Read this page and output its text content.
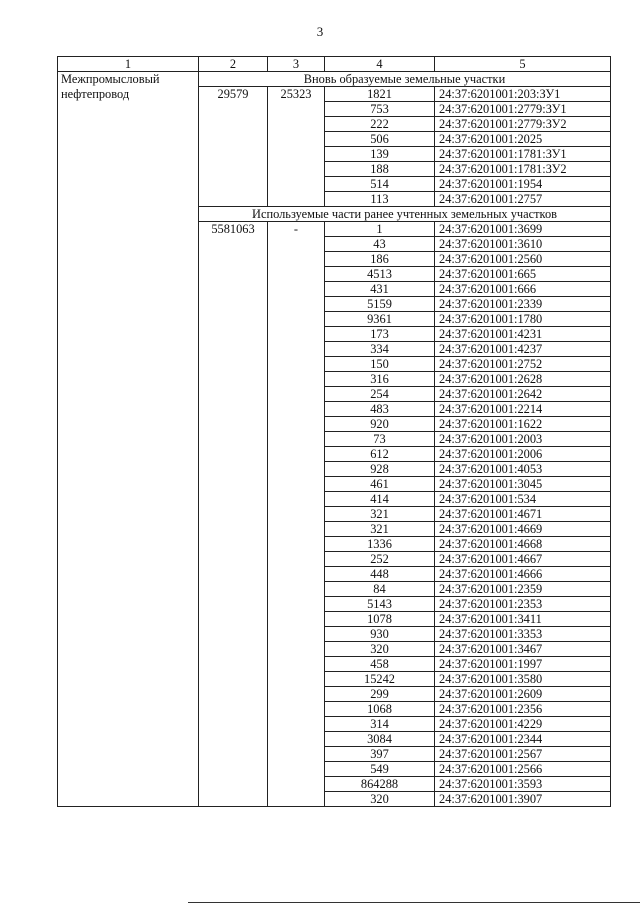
3
1	2	3	4	5
Межпромысловый нефтепровод	Вновь образуемые земельные участки			
	29579	25323	1821	24:37:6201001:203:ЗУ1
			753	24:37:6201001:2779:ЗУ1
			222	24:37:6201001:2779:ЗУ2
			506	24:37:6201001:2025
			139	24:37:6201001:1781:ЗУ1
			188	24:37:6201001:1781:ЗУ2
			514	24:37:6201001:1954
			113	24:37:6201001:2757
	Используемые части ранее учтенных земельных участков			
	5581063	-	1	24:37:6201001:3699
			43	24:37:6201001:3610
			186	24:37:6201001:2560
			4513	24:37:6201001:665
			431	24:37:6201001:666
			5159	24:37:6201001:2339
			9361	24:37:6201001:1780
			173	24:37:6201001:4231
			334	24:37:6201001:4237
			150	24:37:6201001:2752
			316	24:37:6201001:2628
			254	24:37:6201001:2642
			483	24:37:6201001:2214
			920	24:37:6201001:1622
			73	24:37:6201001:2003
			612	24:37:6201001:2006
			928	24:37:6201001:4053
			461	24:37:6201001:3045
			414	24:37:6201001:534
			321	24:37:6201001:4671
			321	24:37:6201001:4669
			1336	24:37:6201001:4668
			252	24:37:6201001:4667
			448	24:37:6201001:4666
			84	24:37:6201001:2359
			5143	24:37:6201001:2353
			1078	24:37:6201001:3411
			930	24:37:6201001:3353
			320	24:37:6201001:3467
			458	24:37:6201001:1997
			15242	24:37:6201001:3580
			299	24:37:6201001:2609
			1068	24:37:6201001:2356
			314	24:37:6201001:4229
			3084	24:37:6201001:2344
			397	24:37:6201001:2567
			549	24:37:6201001:2566
			864288	24:37:6201001:3593
			320	24:37:6201001:3907
